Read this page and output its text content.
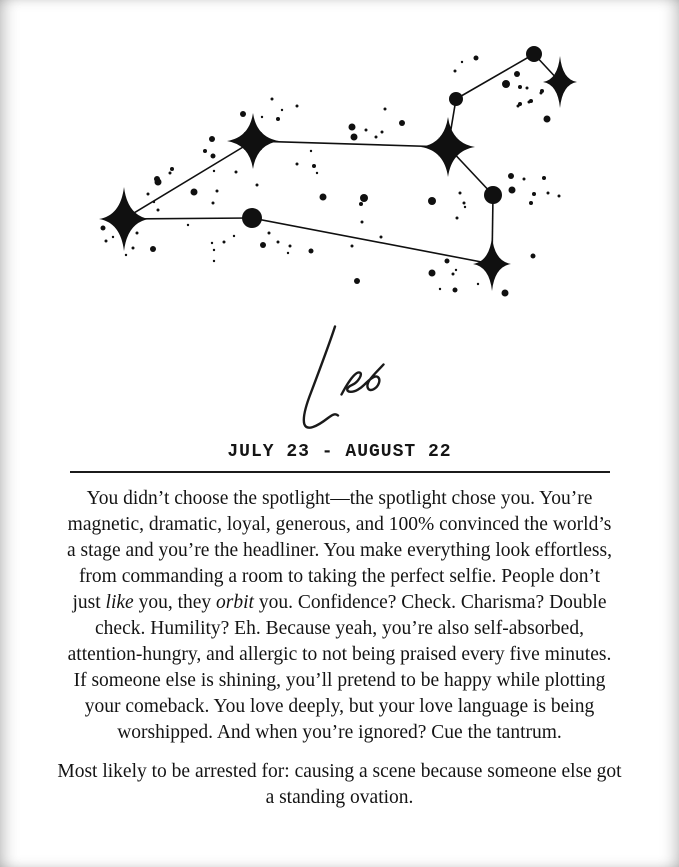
JULY 23 - AUGUST 22
You didn’t choose the spotlight—the spotlight chose you. You’re
magnetic, dramatic, loyal, generous, and 100% convinced the world’s
a stage and you’re the headliner. You make everything look effortless,
from commanding a room to taking the perfect selfie. People don’t
just like you, they orbit you. Confidence? Check. Charisma? Double
check. Humility? Eh. Because yeah, you’re also self-absorbed,
attention-hungry, and allergic to not being praised every five minutes.
If someone else is shining, you’ll pretend to be happy while plotting
your comeback. You love deeply, but your love language is being
worshipped. And when you’re ignored? Cue the tantrum.
Most likely to be arrested for: causing a scene because someone else got
a standing ovation.
